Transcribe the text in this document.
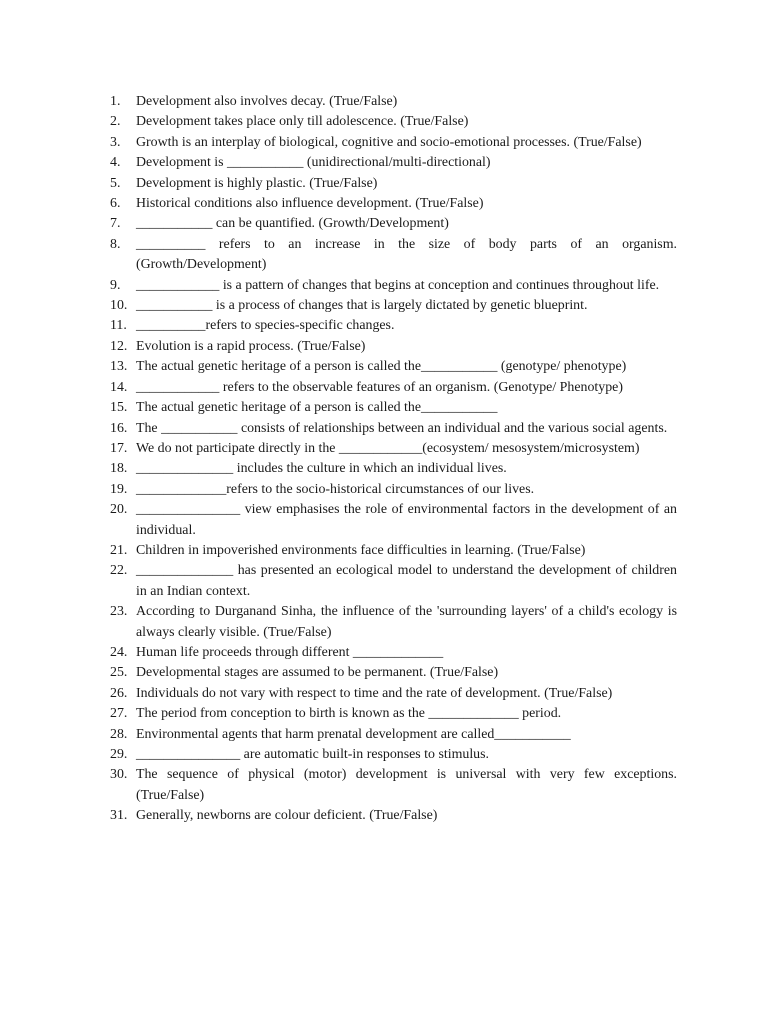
1.	Development also involves decay. (True/False)
2.	Development takes place only till adolescence. (True/False)
3.	Growth is an interplay of biological, cognitive and socio-emotional processes. (True/False)
4.	Development is ___________ (unidirectional/multi-directional)
5.	Development is highly plastic. (True/False)
6.	Historical conditions also influence development. (True/False)
7.	___________ can be quantified. (Growth/Development)
8.	__________ refers to an increase in the size of body parts of an organism. (Growth/Development)
9.	____________ is a pattern of changes that begins at conception and continues throughout life.
10. ___________ is a process of changes that is largely dictated by genetic blueprint.
11. __________refers to species-specific changes.
12. Evolution is a rapid process. (True/False)
13. The actual genetic heritage of a person is called the___________ (genotype/ phenotype)
14. ____________ refers to the observable features of an organism. (Genotype/ Phenotype)
15. The actual genetic heritage of a person is called the___________
16. The ___________ consists of relationships between an individual and the various social agents.
17. We do not participate directly in the ____________(ecosystem/ mesosystem/microsystem)
18. ______________ includes the culture in which an individual lives.
19. _____________refers to the socio-historical circumstances of our lives.
20. _______________ view emphasises the role of environmental factors in the development of an individual.
21. Children in impoverished environments face difficulties in learning. (True/False)
22. ______________ has presented an ecological model to understand the development of children in an Indian context.
23. According to Durganand Sinha, the influence of the 'surrounding layers' of a child's ecology is always clearly visible. (True/False)
24. Human life proceeds through different _____________
25. Developmental stages are assumed to be permanent. (True/False)
26. Individuals do not vary with respect to time and the rate of development. (True/False)
27. The period from conception to birth is known as the _____________ period.
28. Environmental agents that harm prenatal development are called___________
29. _______________ are automatic built-in responses to stimulus.
30. The sequence of physical (motor) development is universal with very few exceptions. (True/False)
31. Generally, newborns are colour deficient. (True/False)
